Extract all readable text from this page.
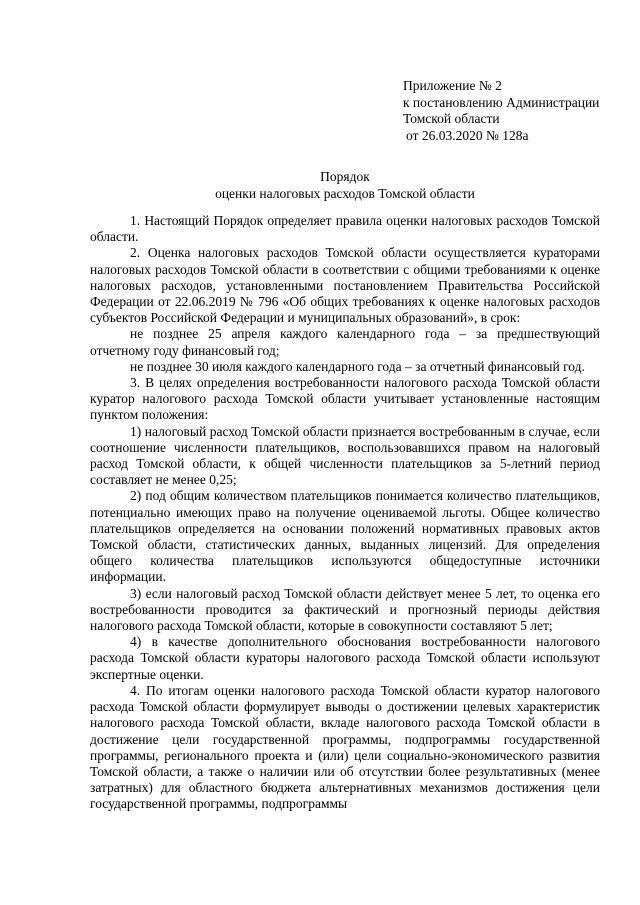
Приложение № 2
к постановлению Администрации
Томской области
от 26.03.2020 № 128а
Порядок
оценки налоговых расходов Томской области

1. Настоящий Порядок определяет правила оценки налоговых расходов Томской области.

2. Оценка налоговых расходов Томской области осуществляется кураторами налоговых расходов Томской области в соответствии с общими требованиями к оценке налоговых расходов, установленными постановлением Правительства Российской Федерации от 22.06.2019 № 796 «Об общих требованиях к оценке налоговых расходов субъектов Российской Федерации и муниципальных образований», в срок:

не позднее 25 апреля каждого календарного года – за предшествующий отчетному году финансовый год;

не позднее 30 июля каждого календарного года – за отчетный финансовый год.

3. В целях определения востребованности налогового расхода Томской области куратор налогового расхода Томской области учитывает установленные настоящим пунктом положения:

1) налоговый расход Томской области признается востребованным в случае, если соотношение численности плательщиков, воспользовавшихся правом на налоговый расход Томской области, к общей численности плательщиков за 5-летний период составляет не менее 0,25;

2) под общим количеством плательщиков понимается количество плательщиков, потенциально имеющих право на получение оцениваемой льготы. Общее количество плательщиков определяется на основании положений нормативных правовых актов Томской области, статистических данных, выданных лицензий. Для определения общего количества плательщиков используются общедоступные источники информации.

3) если налоговый расход Томской области действует менее 5 лет, то оценка его востребованности проводится за фактический и прогнозный периоды действия налогового расхода Томской области, которые в совокупности составляют 5 лет;

4) в качестве дополнительного обоснования востребованности налогового расхода Томской области кураторы налогового расхода Томской области используют экспертные оценки.

4. По итогам оценки налогового расхода Томской области куратор налогового расхода Томской области формулирует выводы о достижении целевых характеристик налогового расхода Томской области, вкладе налогового расхода Томской области в достижение цели государственной программы, подпрограммы государственной программы, регионального проекта и (или) цели социально-экономического развития Томской области, а также о наличии или об отсутствии более результативных (менее затратных) для областного бюджета альтернативных механизмов достижения цели государственной программы, подпрограммы
